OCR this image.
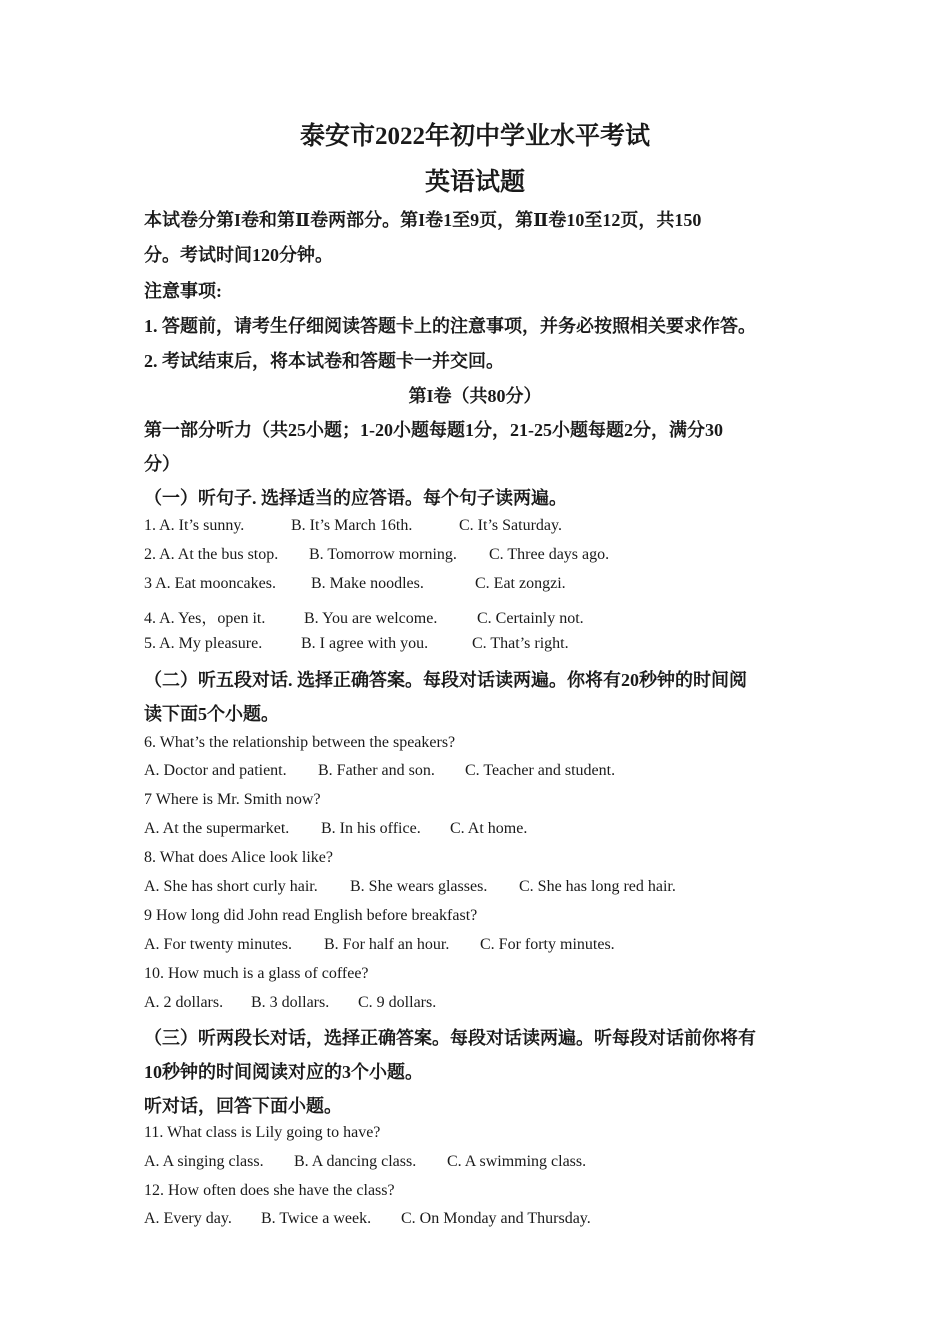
泰安市2022年初中学业水平考试
英语试题
本试卷分第I卷和第Ⅱ卷两部分。第I卷1至9页，第Ⅱ卷10至12页，共150
分。考试时间120分钟。
注意事项:
1. 答题前，请考生仔细阅读答题卡上的注意事项，并务必按照相关要求作答。
2. 考试结束后，将本试卷和答题卡一并交回。
第I卷（共80分）
第一部分听力（共25小题；1-20小题每题1分，21-25小题每题2分，满分30
分）
（一）听句子. 选择适当的应答语。每个句子读两遍。
1. A. It’s sunny.	B. It’s March 16th.	C. It’s Saturday.
2. A. At the bus stop. B. Tomorrow morning. C. Three days ago.
3 A. Eat mooncakes. B. Make noodles.	C. Eat zongzi.
4. A. Yes，open it. B. You are welcome. C. Certainly not.
5. A. My pleasure. B. I agree with you.	C. That’s right.
（二）听五段对话. 选择正确答案。每段对话读两遍。你将有20秒钟的时间阅
读下面5个小题。
6. What’s the relationship between the speakers?
A. Doctor and patient. B. Father and son. C. Teacher and student.
7 Where is Mr. Smith now?
A. At the supermarket. B. In his office. C. At home.
8. What does Alice look like?
A. She has short curly hair. B. She wears glasses. C. She has long red hair.
9 How long did John read English before breakfast?
A. For twenty minutes. B. For half an hour. C. For forty minutes.
10. How much is a glass of coffee?
A. 2 dollars. B. 3 dollars. C. 9 dollars.
（三）听两段长对话，选择正确答案。每段对话读两遍。听每段对话前你将有
10秒钟的时间阅读对应的3个小题。
听对话，回答下面小题。
11. What class is Lily going to have?
A. A singing class. B. A dancing class. C. A swimming class.
12. How often does she have the class?
A. Every day. B. Twice a week. C. On Monday and Thursday.
